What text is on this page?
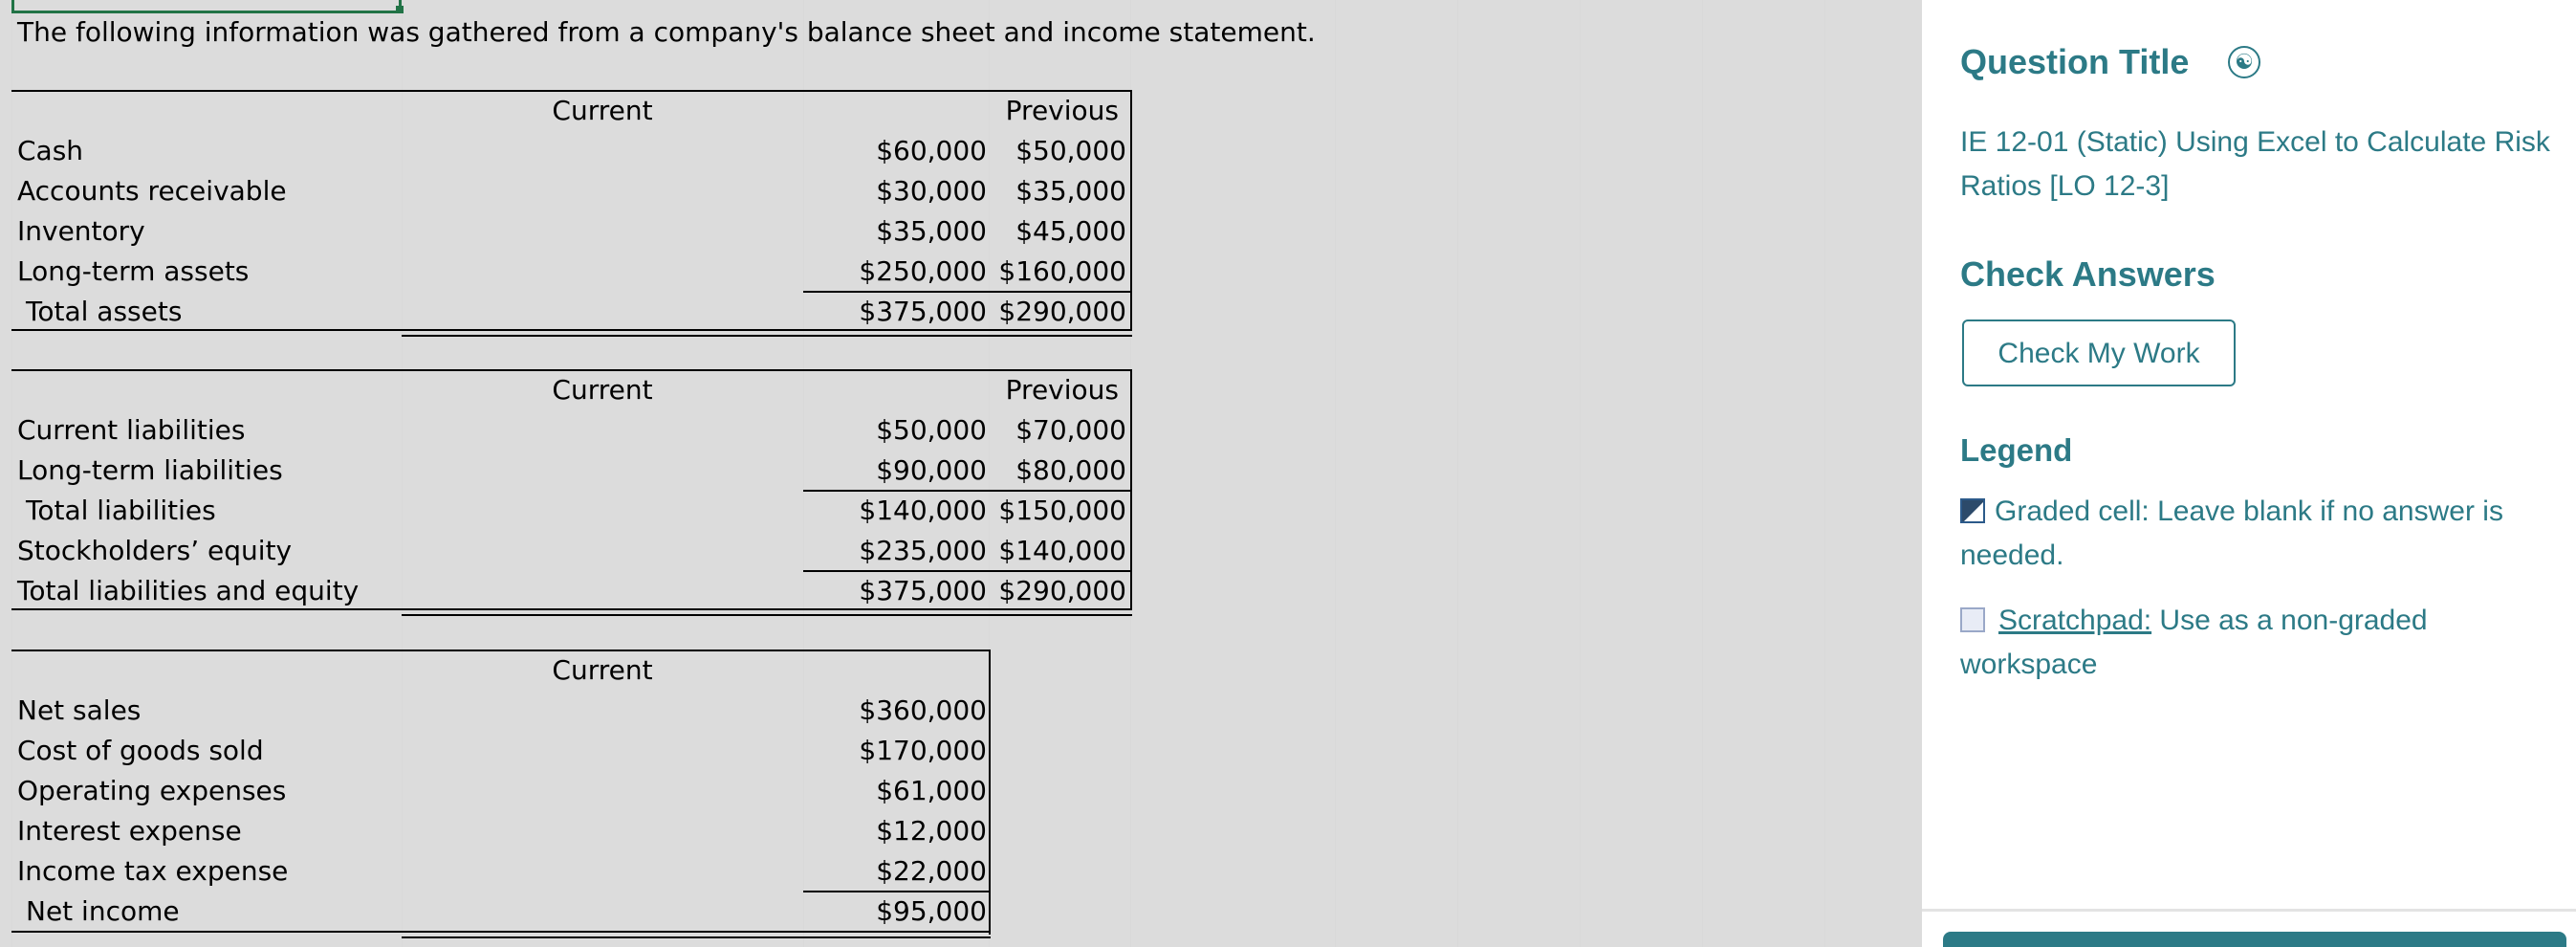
The following information was gathered from a company's balance sheet and income statement.
Current	Previous
Cash	$60,000	$50,000
Accounts receivable	$30,000	$35,000
Inventory	$35,000	$45,000
Long-term assets	$250,000 $160,000
Total assets	$375,000 $290,000
Current	Previous
Current liabilities	$50,000	$70,000
Long-term liabilities	$90,000	$80,000
Total liabilities	$140,000 $150,000
Stockholders’ equity	$235,000 $140,000
Total liabilities and equity	$375,000 $290,000
Current
Net sales	$360,000
Cost of goods sold	$170,000
Operating expenses	$61,000
Interest expense	$12,000
Income tax expense	$22,000
Net income	$95,000
Question Title	☯
IE 12-01 (Static) Using Excel to Calculate Risk Ratios [LO 12-3]
Check Answers
Check My Work
Legend
Graded cell: Leave blank if no answer is needed.
Scratchpad: Use as a non-graded workspace
